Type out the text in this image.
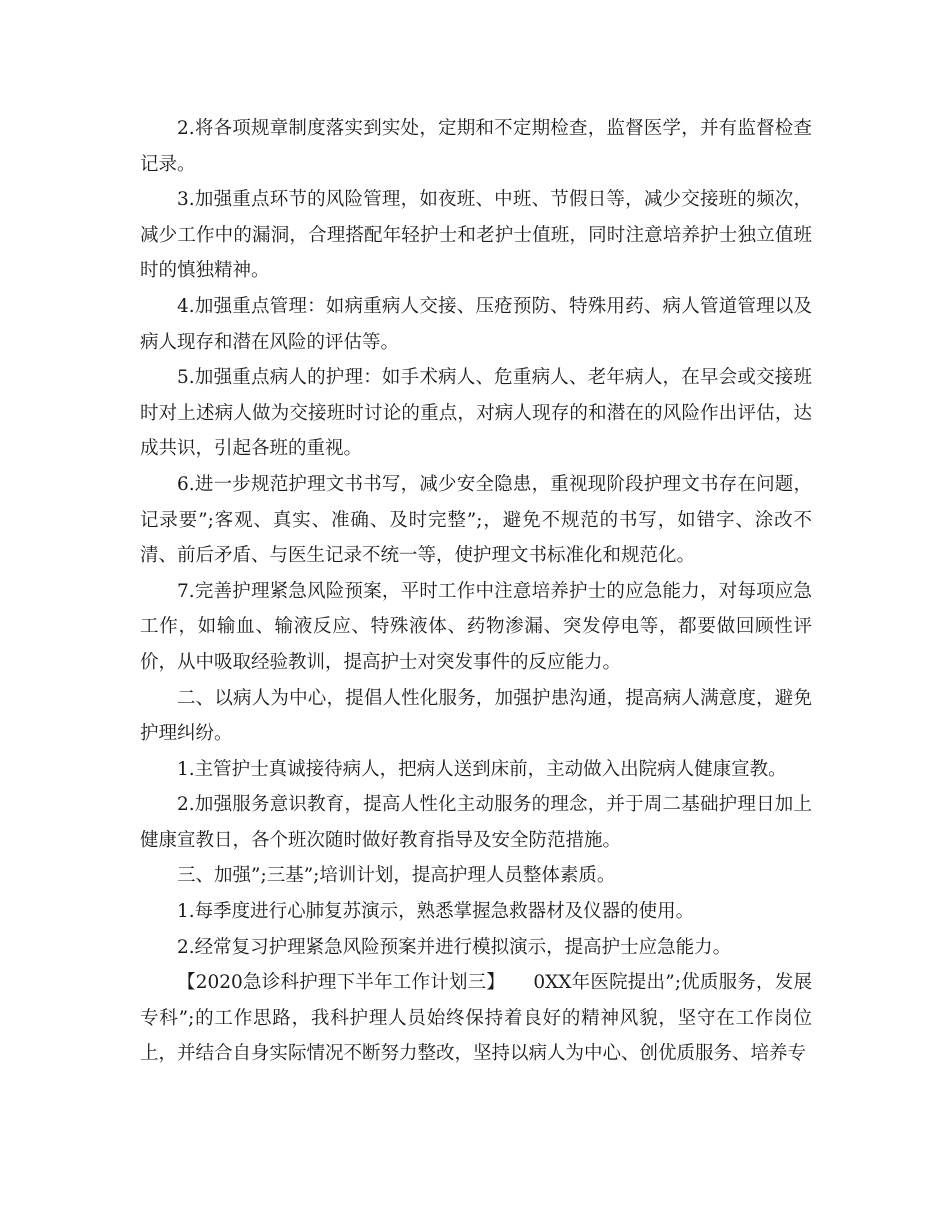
2.将各项规章制度落实到实处，定期和不定期检查，监督医学，并有监督检查记录。

3.加强重点环节的风险管理，如夜班、中班、节假日等，减少交接班的频次，减少工作中的漏洞，合理搭配年轻护士和老护士值班，同时注意培养护士独立值班时的慎独精神。

4.加强重点管理：如病重病人交接、压疮预防、特殊用药、病人管道管理以及病人现存和潜在风险的评估等。

5.加强重点病人的护理：如手术病人、危重病人、老年病人，在早会或交接班时对上述病人做为交接班时讨论的重点，对病人现存的和潜在的风险作出评估，达成共识，引起各班的重视。

6.进一步规范护理文书书写，减少安全隐患，重视现阶段护理文书存在问题，记录要”;客观、真实、准确、及时完整”;，避免不规范的书写，如错字、涂改不清、前后矛盾、与医生记录不统一等，使护理文书标准化和规范化。

7.完善护理紧急风险预案，平时工作中注意培养护士的应急能力，对每项应急工作，如输血、输液反应、特殊液体、药物渗漏、突发停电等，都要做回顾性评价，从中吸取经验教训，提高护士对突发事件的反应能力。

二、以病人为中心，提倡人性化服务，加强护患沟通，提高病人满意度，避免护理纠纷。

1.主管护士真诚接待病人，把病人送到床前，主动做入出院病人健康宣教。

2.加强服务意识教育，提高人性化主动服务的理念，并于周二基础护理日加上健康宣教日，各个班次随时做好教育指导及安全防范措施。

三、加强”;三基”;培训计划，提高护理人员整体素质。

1.每季度进行心肺复苏演示，熟悉掌握急救器材及仪器的使用。

2.经常复习护理紧急风险预案并进行模拟演示，提高护士应急能力。

【2020急诊科护理下半年工作计划三】　　0XX年医院提出”;优质服务，发展专科”;的工作思路，我科护理人员始终保持着良好的精神风貌，坚守在工作岗位上，并结合自身实际情况不断努力整改，坚持以病人为中心、创优质服务、培养专
